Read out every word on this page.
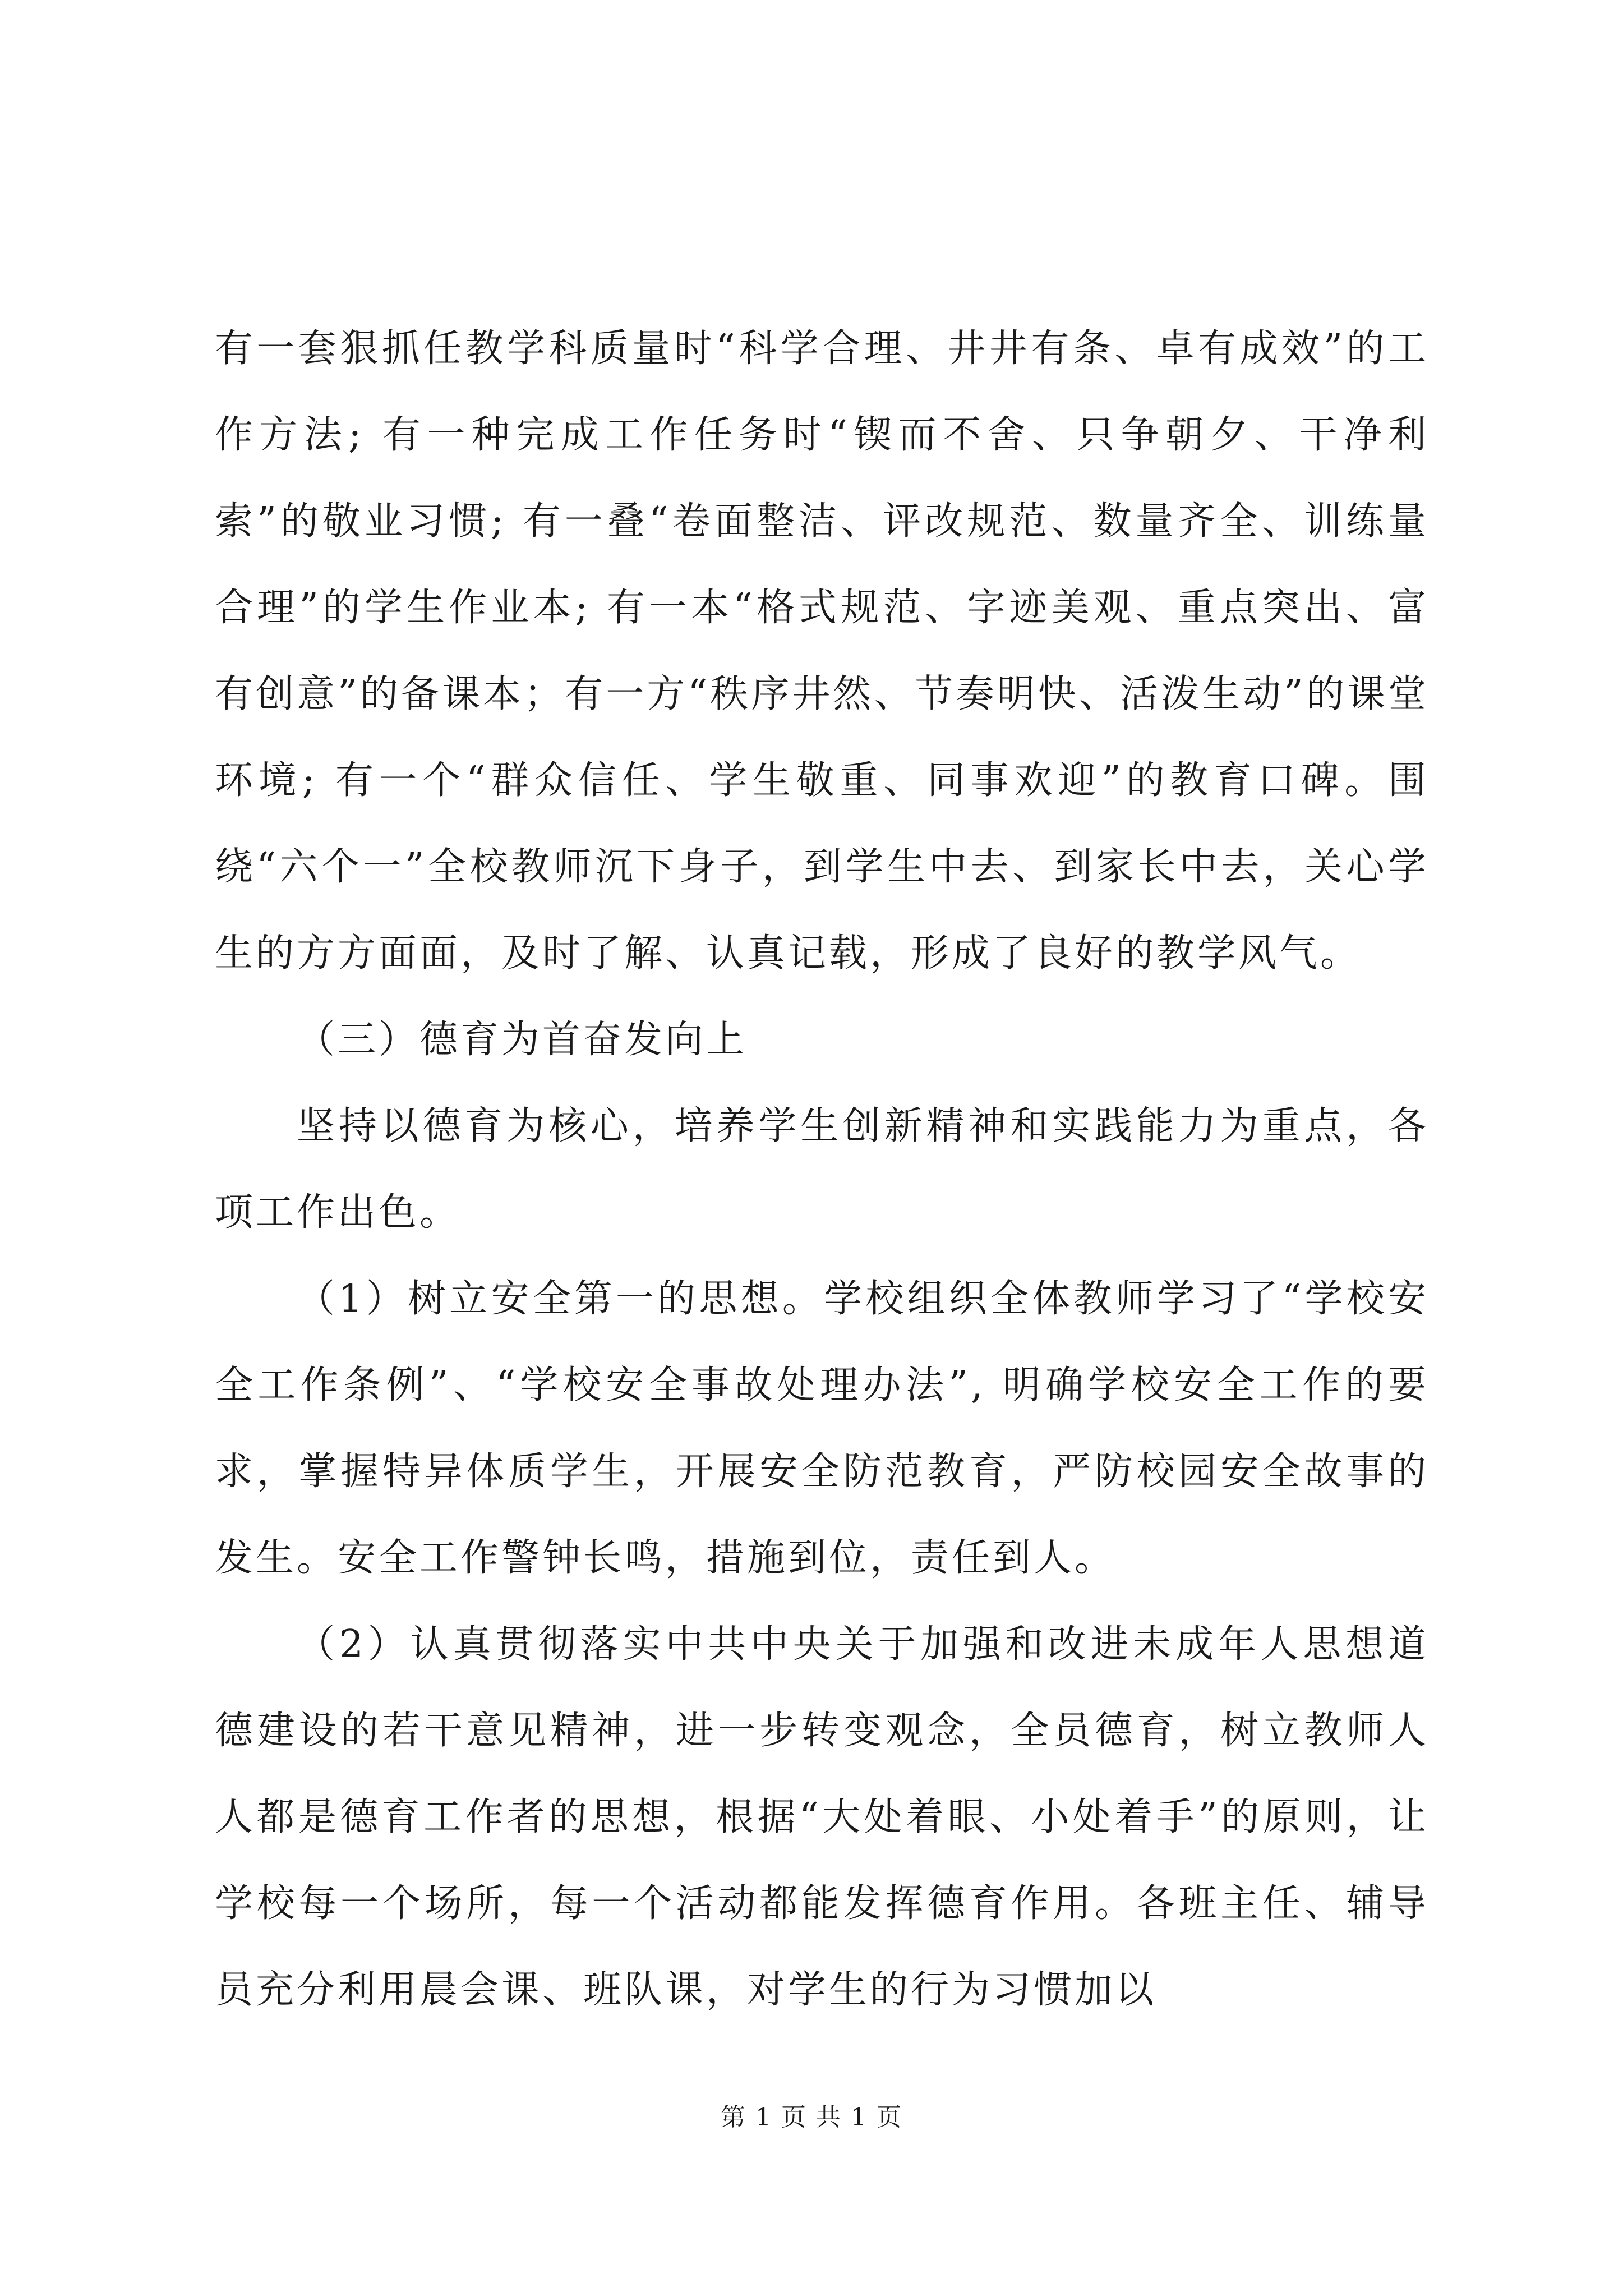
有一套狠抓任教学科质量时“科学合理、井井有条、卓有成效”的工作方法; 有一种完成工作任务时“锲而不舍、只争朝夕、干净利索”的敬业习惯; 有一叠“卷面整洁、评改规范、数量齐全、训练量合理”的学生作业本; 有一本“格式规范、字迹美观、重点突出、富有创意”的备课本；有一方“秩序井然、节奏明快、活泼生动”的课堂环境; 有一个“群众信任、学生敬重、同事欢迎”的教育口碑。围绕“六个一”全校教师沉下身子，到学生中去、到家长中去，关心学生的方方面面，及时了解、认真记载，形成了良好的教学风气。

（三）德育为首奋发向上

坚持以德育为核心，培养学生创新精神和实践能力为重点，各项工作出色。

（1）树立安全第一的思想。学校组织全体教师学习了“学校安全工作条例”、“学校安全事故处理办法”, 明确学校安全工作的要求，掌握特异体质学生，开展安全防范教育，严防校园安全故事的发生。安全工作警钟长鸣，措施到位，责任到人。

（2）认真贯彻落实中共中央关于加强和改进未成年人思想道德建设的若干意见精神，进一步转变观念，全员德育，树立教师人人都是德育工作者的思想，根据“大处着眼、小处着手”的原则，让学校每一个场所，每一个活动都能发挥德育作用。各班主任、辅导员充分利用晨会课、班队课，对学生的行为习惯加以

第 1 页 共 1 页
